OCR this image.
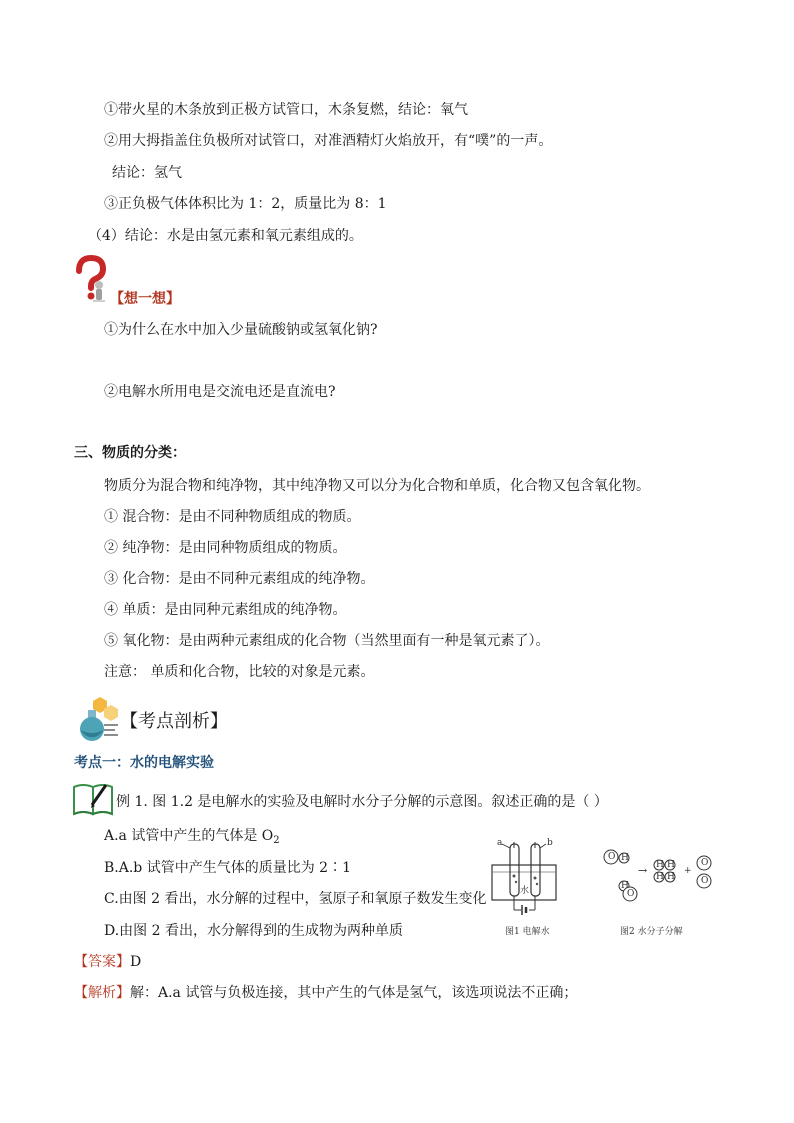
①带火星的木条放到正极方试管口，木条复燃，结论：氧气
②用大拇指盖住负极所对试管口，对准酒精灯火焰放开，有“噗”的一声。
结论：氢气
③正负极气体体积比为 1：2，质量比为 8：1
（4）结论：水是由氢元素和氧元素组成的。
【想一想】
①为什么在水中加入少量硫酸钠或氢氧化钠?
②电解水所用电是交流电还是直流电?
三、物质的分类：
物质分为混合物和纯净物，其中纯净物又可以分为化合物和单质，化合物又包含氧化物。
① 混合物：是由不同种物质组成的物质。
② 纯净物：是由同种物质组成的物质。
③ 化合物：是由不同种元素组成的纯净物。
④ 单质：是由同种元素组成的纯净物。
⑤ 氧化物：是由两种元素组成的化合物（当然里面有一种是氧元素了）。
注意： 单质和化合物，比较的对象是元素。
【考点剖析】
考点一：水的电解实验
例 1. 图 1.2 是电解水的实验及电解时水分子分解的示意图。叙述正确的是（ ）
A.a 试管中产生的气体是 $O_2$
B.A.b 试管中产生气体的质量比为 2∶1
C.由图 2 看出，水分解的过程中，氢原子和氧原子数发生变化
D.由图 2 看出，水分解得到的生成物为两种单质
a	b
水
图1 电解水
O H
H
O
→ H H
H H
+
O
O
图2 水分子分解
【答案】D
【解析】解：A.a 试管与负极连接，其中产生的气体是氢气，该选项说法不正确；
